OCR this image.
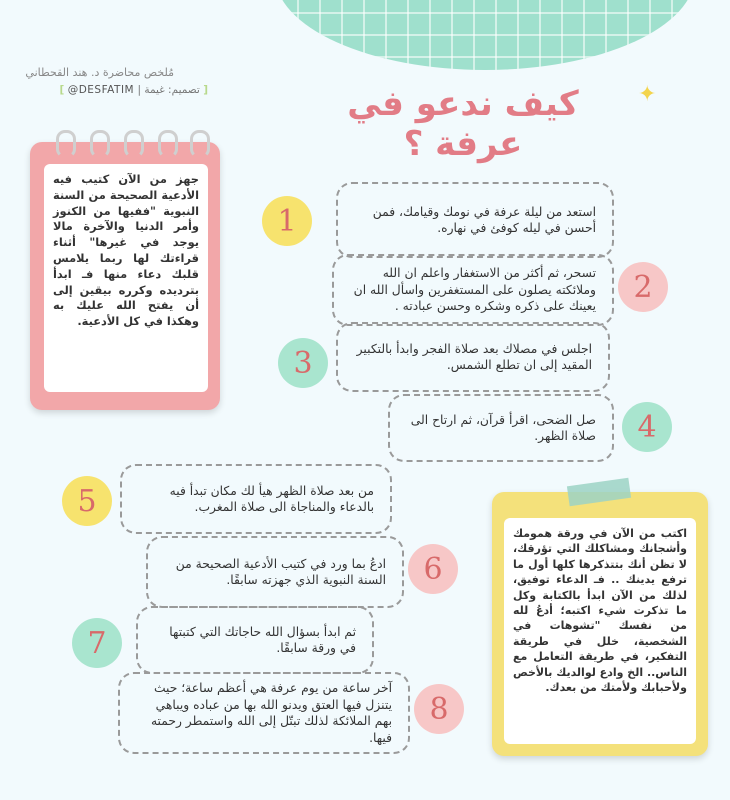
مُلخص محاضرة د. هند القحطاني
[ @DESFATIM | تصميم: غيمة ]	كيف ندعو في عرفة ؟
✦
جهز من الآن كتيب فيه الأدعية الصحيحة من السنة النبوية "ففيها من الكنوز وأمر الدنيا والآخرة مالا يوجد في غيرها" أثناء قراءتك لها ربما يلامس قلبك دعاء منها فـ ابدأ بترديده وكرره بيقين إلى أن يفتح الله عليك به وهكذا في كل الأدعية.
اكتب من الآن في ورقة همومك وأشجانك ومشاكلك التي تؤرقك، لا تظن أنك بتتذكرها كلها أول ما ترفع يدينك .. فـ الدعاء توفيق، لذلك من الآن ابدأ بالكتابة وكل ما تذكرت شيء اكتبه؛ أدعُ لله من نفسك "تشوهات في الشخصية، خلل في طريقة التفكير، في طريقة التعامل مع الناس.. الخ وادع لوالديك بالأخص ولأحبابك ولأمتك من بعدك.
1	استعد من ليلة عرفة في نومك وقيامك، فمن أحسن في ليله كوفئ في نهاره.
2
تسحر، ثم أكثر من الاستغفار واعلم ان الله وملائكته يصلون على المستغفرين واسأل الله ان يعينك على ذكره وشكره وحسن عبادته .
3	اجلس في مصلاك بعد صلاة الفجر وابدأ بالتكبير المقيد إلى ان تطلع الشمس.
4
صل الضحى، اقرأ قرآن، ثم ارتاح الى صلاة الظهر.
5	من بعد صلاة الظهر هيأ لك مكان تبدأ فيه بالدعاء والمناجاة الى صلاة المغرب.
6
ادعُ بما ورد في كتيب الأدعية الصحيحة من السنة النبوية الذي جهزته سابقًا.
7	ثم ابدأ بسؤال الله حاجاتك التي كتبتها في ورقة سابقًا.
8
آخر ساعة من يوم عرفة هي أعظم ساعة؛ حيث يتنزل فيها العتق ويدنو الله بها من عباده ويباهي بهم الملائكة لذلك تبتّل إلى الله واستمطر رحمته فيها.
